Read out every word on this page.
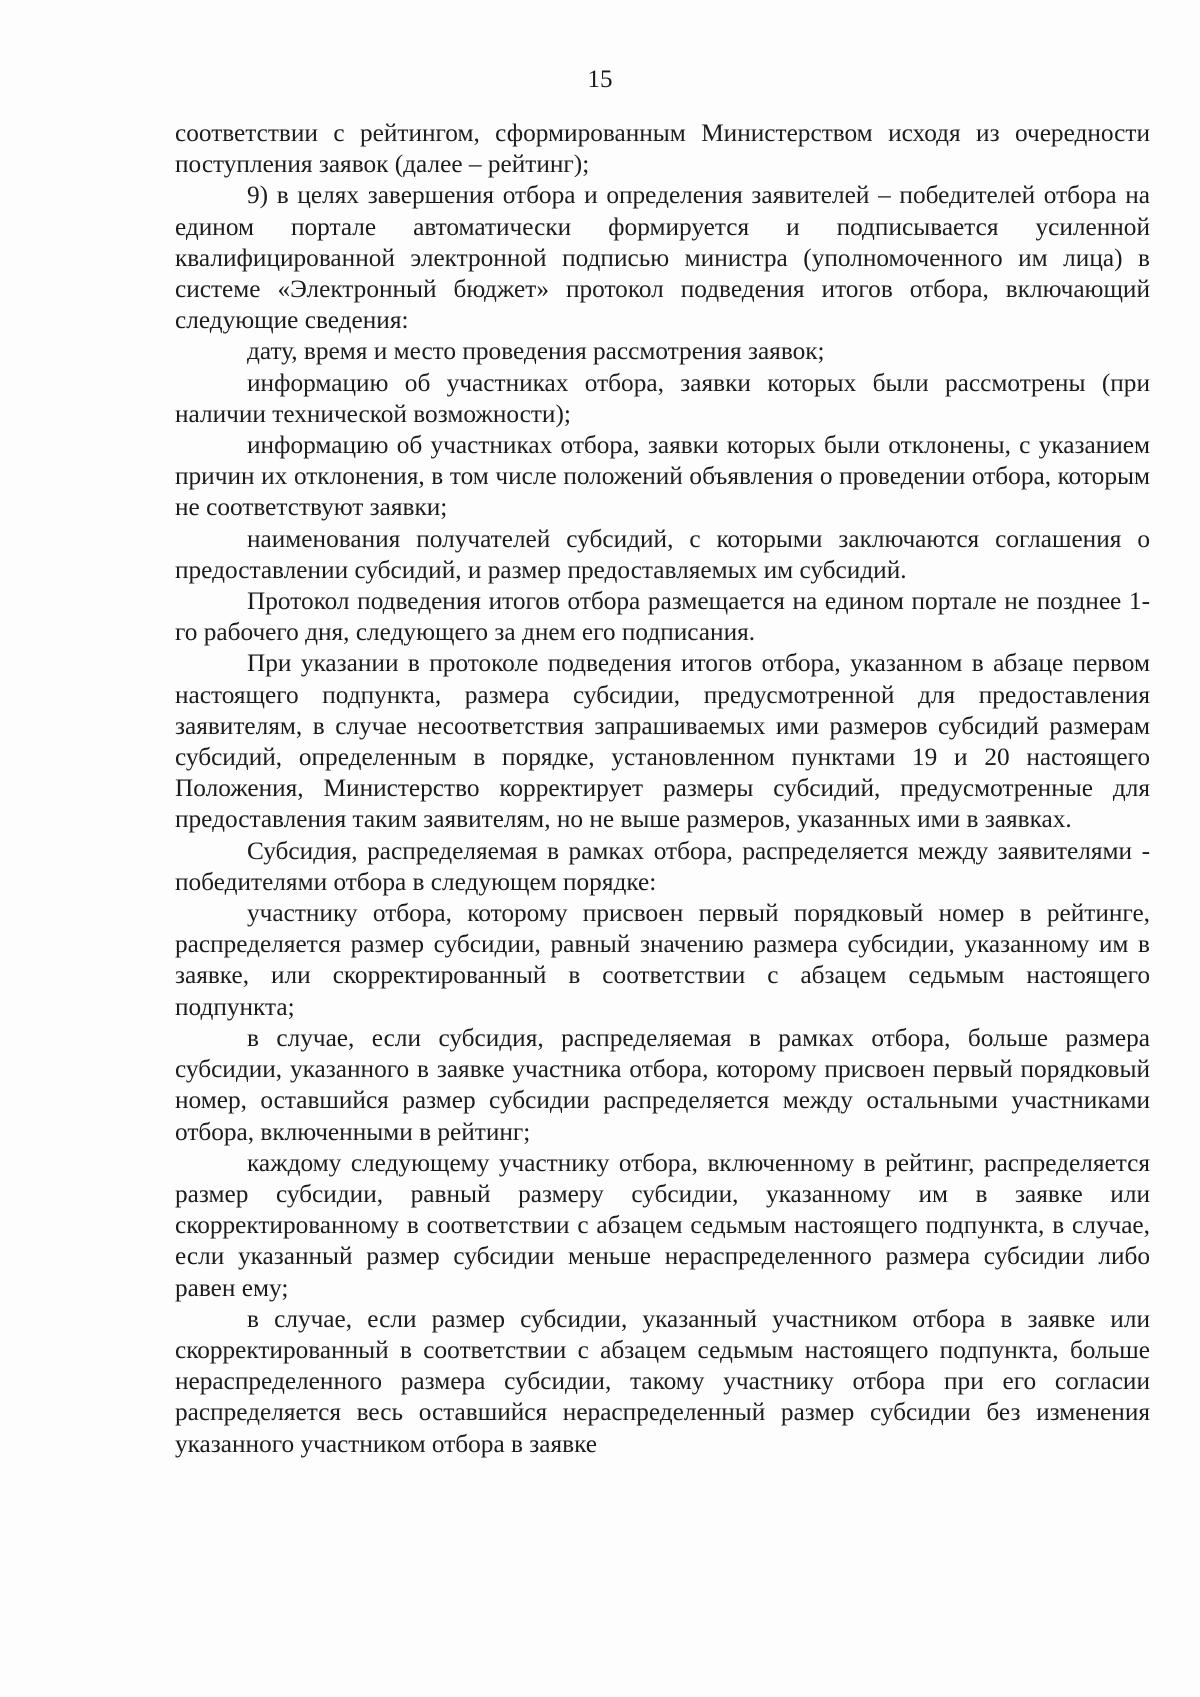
15

соответствии с рейтингом, сформированным Министерством исходя из очередности поступления заявок (далее – рейтинг);

9) в целях завершения отбора и определения заявителей – победителей отбора на едином портале автоматически формируется и подписывается усиленной квалифицированной электронной подписью министра (уполномоченного им лица) в системе «Электронный бюджет» протокол подведения итогов отбора, включающий следующие сведения:

дату, время и место проведения рассмотрения заявок;

информацию об участниках отбора, заявки которых были рассмотрены (при наличии технической возможности);

информацию об участниках отбора, заявки которых были отклонены, с указанием причин их отклонения, в том числе положений объявления о проведении отбора, которым не соответствуют заявки;

наименования получателей субсидий, с которыми заключаются соглашения о предоставлении субсидий, и размер предоставляемых им субсидий.

Протокол подведения итогов отбора размещается на едином портале не позднее 1-го рабочего дня, следующего за днем его подписания.

При указании в протоколе подведения итогов отбора, указанном в абзаце первом настоящего подпункта, размера субсидии, предусмотренной для предоставления заявителям, в случае несоответствия запрашиваемых ими размеров субсидий размерам субсидий, определенным в порядке, установленном пунктами 19 и 20 настоящего Положения, Министерство корректирует размеры субсидий, предусмотренные для предоставления таким заявителям, но не выше размеров, указанных ими в заявках.

Субсидия, распределяемая в рамках отбора, распределяется между заявителями - победителями отбора в следующем порядке:

участнику отбора, которому присвоен первый порядковый номер в рейтинге, распределяется размер субсидии, равный значению размера субсидии, указанному им в заявке, или скорректированный в соответствии с абзацем седьмым настоящего подпункта;

в случае, если субсидия, распределяемая в рамках отбора, больше размера субсидии, указанного в заявке участника отбора, которому присвоен первый порядковый номер, оставшийся размер субсидии распределяется между остальными участниками отбора, включенными в рейтинг;

каждому следующему участнику отбора, включенному в рейтинг, распределяется размер субсидии, равный размеру субсидии, указанному им в заявке или скорректированному в соответствии с абзацем седьмым настоящего подпункта, в случае, если указанный размер субсидии меньше нераспределенного размера субсидии либо равен ему;

в случае, если размер субсидии, указанный участником отбора в заявке или скорректированный в соответствии с абзацем седьмым настоящего подпункта, больше нераспределенного размера субсидии, такому участнику отбора при его согласии распределяется весь оставшийся нераспределенный размер субсидии без изменения указанного участником отбора в заявке
